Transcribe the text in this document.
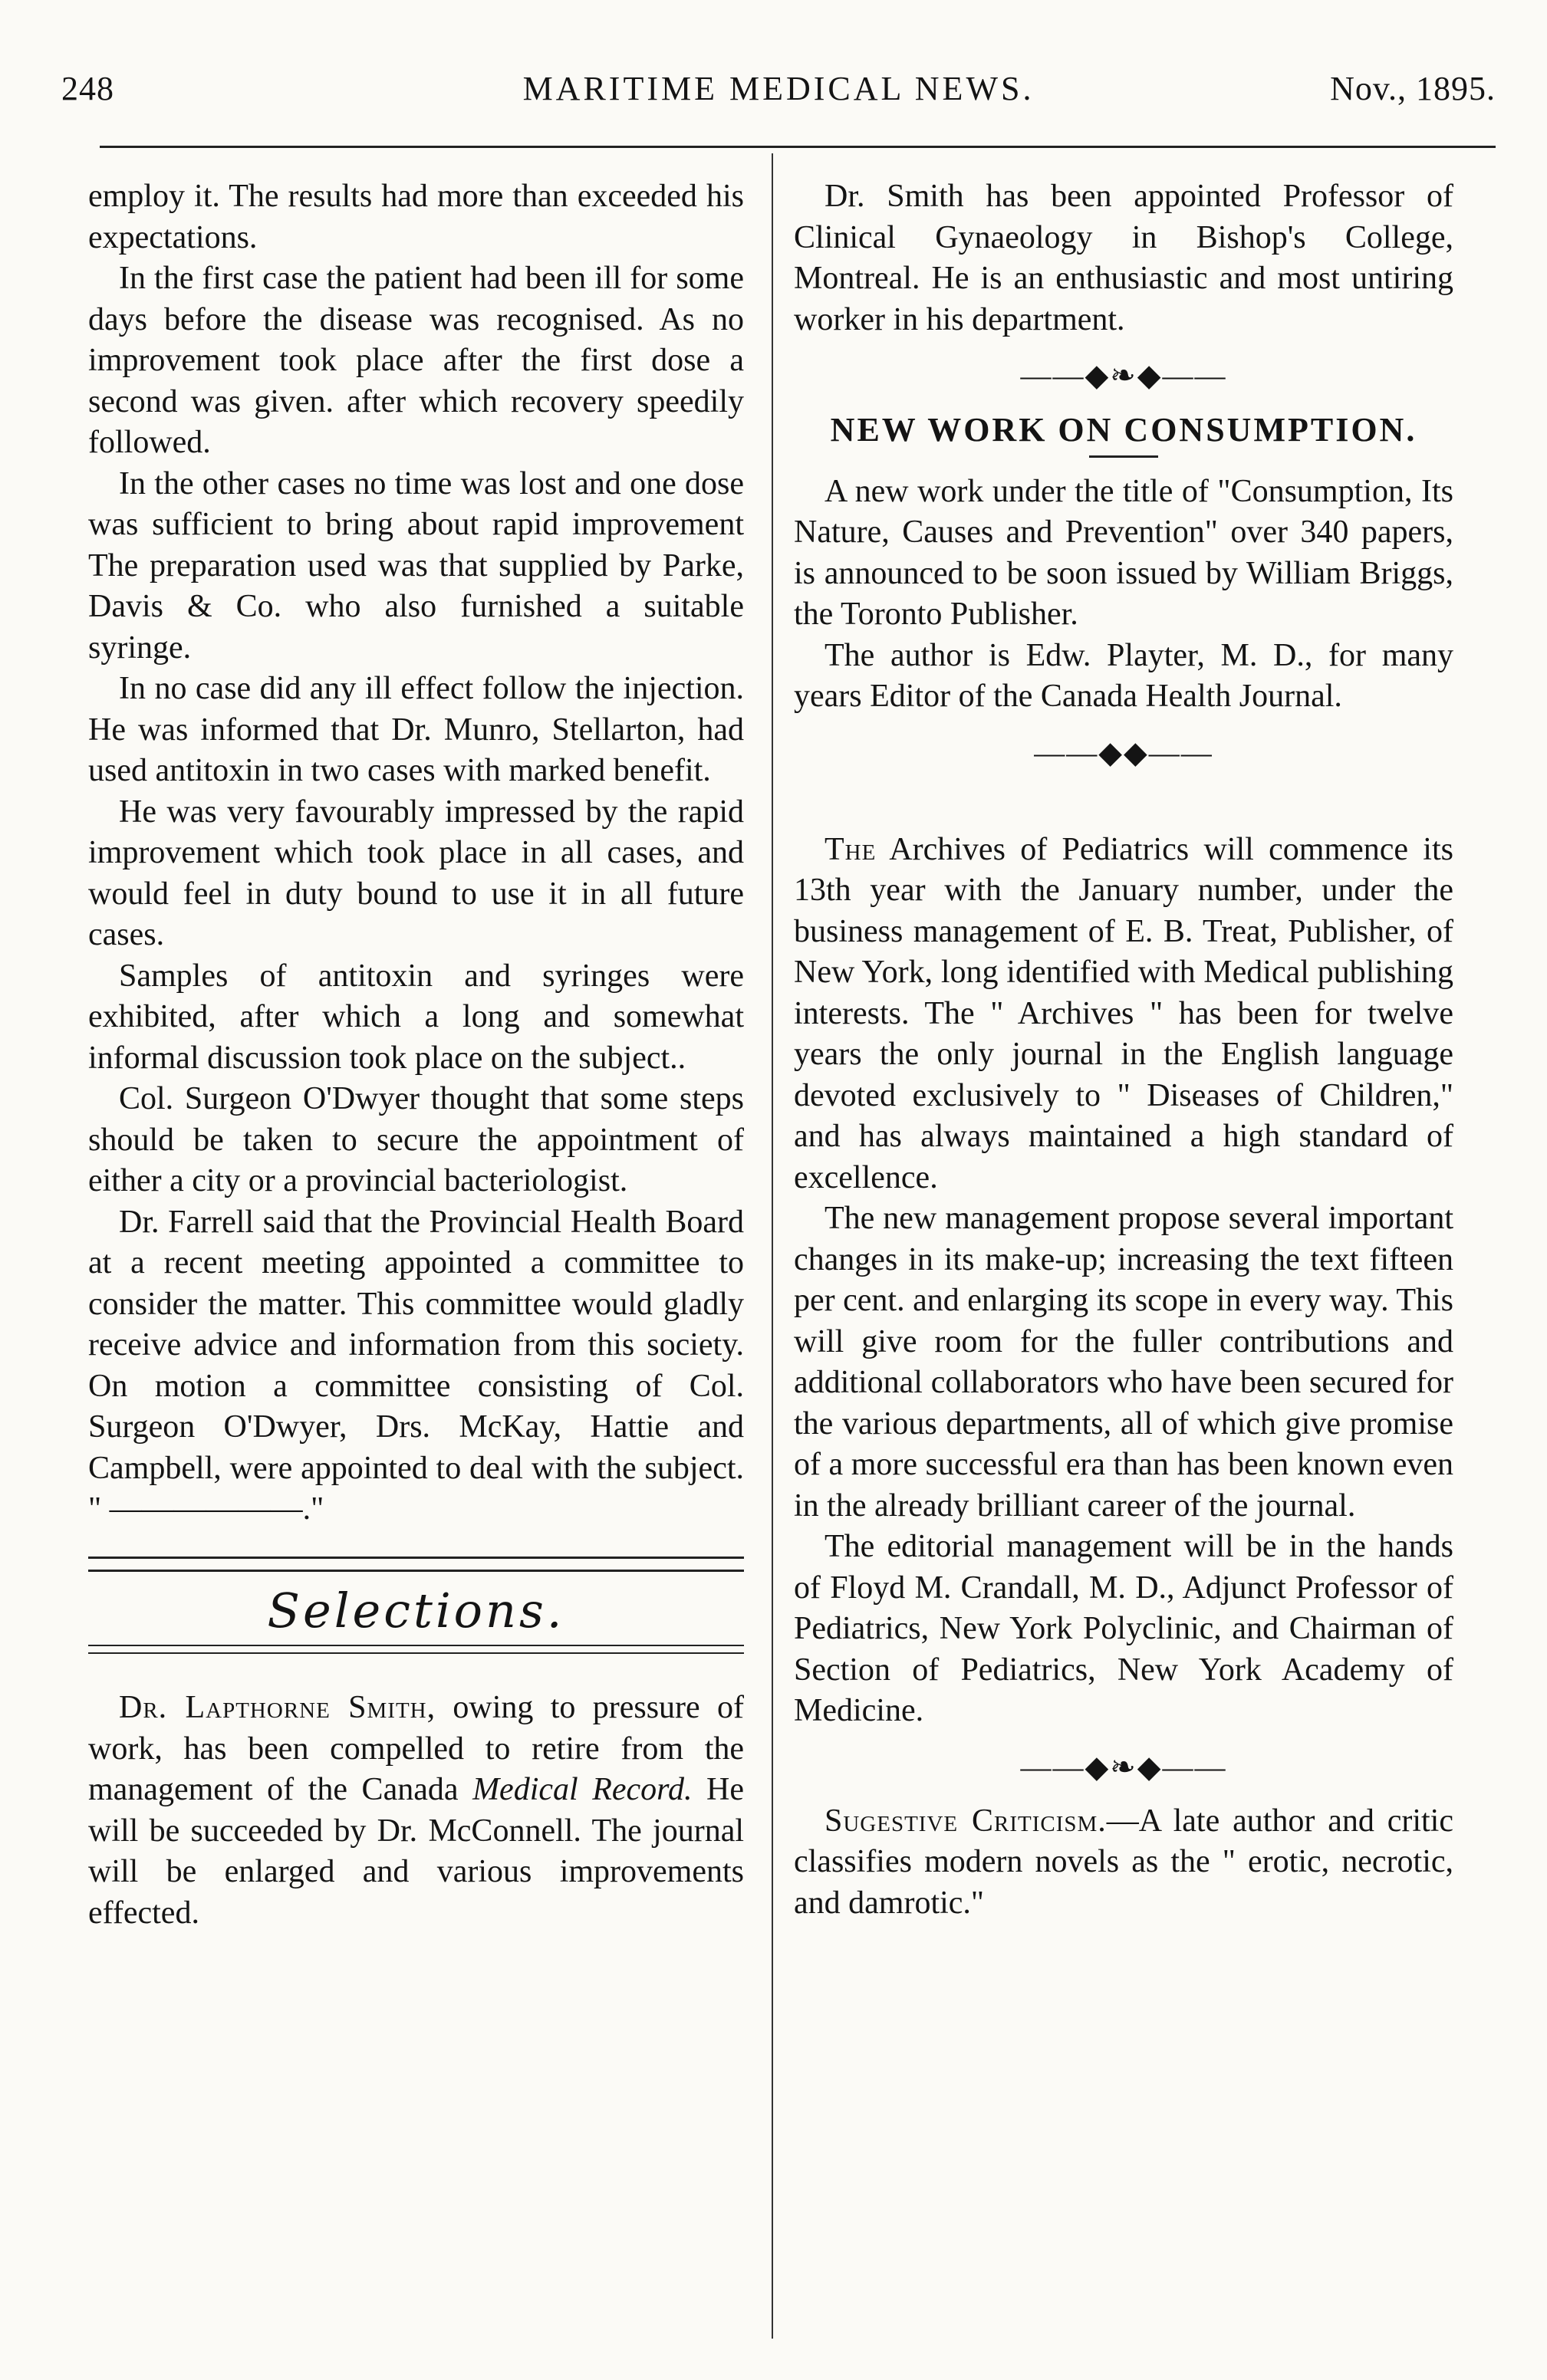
248	MARITIME MEDICAL NEWS.	Nov., 1895.

employ it. The results had more than exceeded his expectations.

In the first case the patient had been ill for some days before the disease was recognised. As no improvement took place after the first dose a second was given. after which recovery speedily followed.

In the other cases no time was lost and one dose was sufficient to bring about rapid improvement The preparation used was that supplied by Parke, Davis & Co. who also furnished a suitable syringe.

In no case did any ill effect follow the injection. He was informed that Dr. Munro, Stellarton, had used antitoxin in two cases with marked benefit.

He was very favourably impressed by the rapid improvement which took place in all cases, and would feel in duty bound to use it in all future cases.

Samples of antitoxin and syringes were exhibited, after which a long and somewhat informal discussion took place on the subject..

Col. Surgeon O'Dwyer thought that some steps should be taken to secure the appointment of either a city or a provincial bacteriologist.

Dr. Farrell said that the Provincial Health Board at a recent meeting appointed a committee to consider the matter. This committee would gladly receive advice and information from this society. On motion a committee consisting of Col. Surgeon O'Dwyer, Drs. McKay, Hattie and Campbell, were appointed to deal with the subject. " ——————."

Selections.

Dr. Lapthorne Smith, owing to pressure of work, has been compelled to retire from the management of the Canada Medical Record. He will be succeeded by Dr. McConnell. The journal will be enlarged and various improvements effected.

Dr. Smith has been appointed Professor of Clinical Gynaeology in Bishop's College, Montreal. He is an enthusiastic and most untiring worker in his department.

——◆❧◆——
NEW WORK ON CONSUMPTION.

A new work under the title of "Consumption, Its Nature, Causes and Prevention" over 340 papers, is announced to be soon issued by William Briggs, the Toronto Publisher.

The author is Edw. Playter, M. D., for many years Editor of the Canada Health Journal.

——◆◆——

The Archives of Pediatrics will commence its 13th year with the January number, under the business management of E. B. Treat, Publisher, of New York, long identified with Medical publishing interests. The " Archives " has been for twelve years the only journal in the English language devoted exclusively to " Diseases of Children," and has always maintained a high standard of excellence.

The new management propose several important changes in its make-up; increasing the text fifteen per cent. and enlarging its scope in every way. This will give room for the fuller contributions and additional collaborators who have been secured for the various departments, all of which give promise of a more successful era than has been known even in the already brilliant career of the journal.

The editorial management will be in the hands of Floyd M. Crandall, M. D., Adjunct Professor of Pediatrics, New York Polyclinic, and Chairman of Section of Pediatrics, New York Academy of Medicine.

——◆❧◆——

Sugestive Criticism.—A late author and critic classifies modern novels as the " erotic, necrotic, and damrotic."
